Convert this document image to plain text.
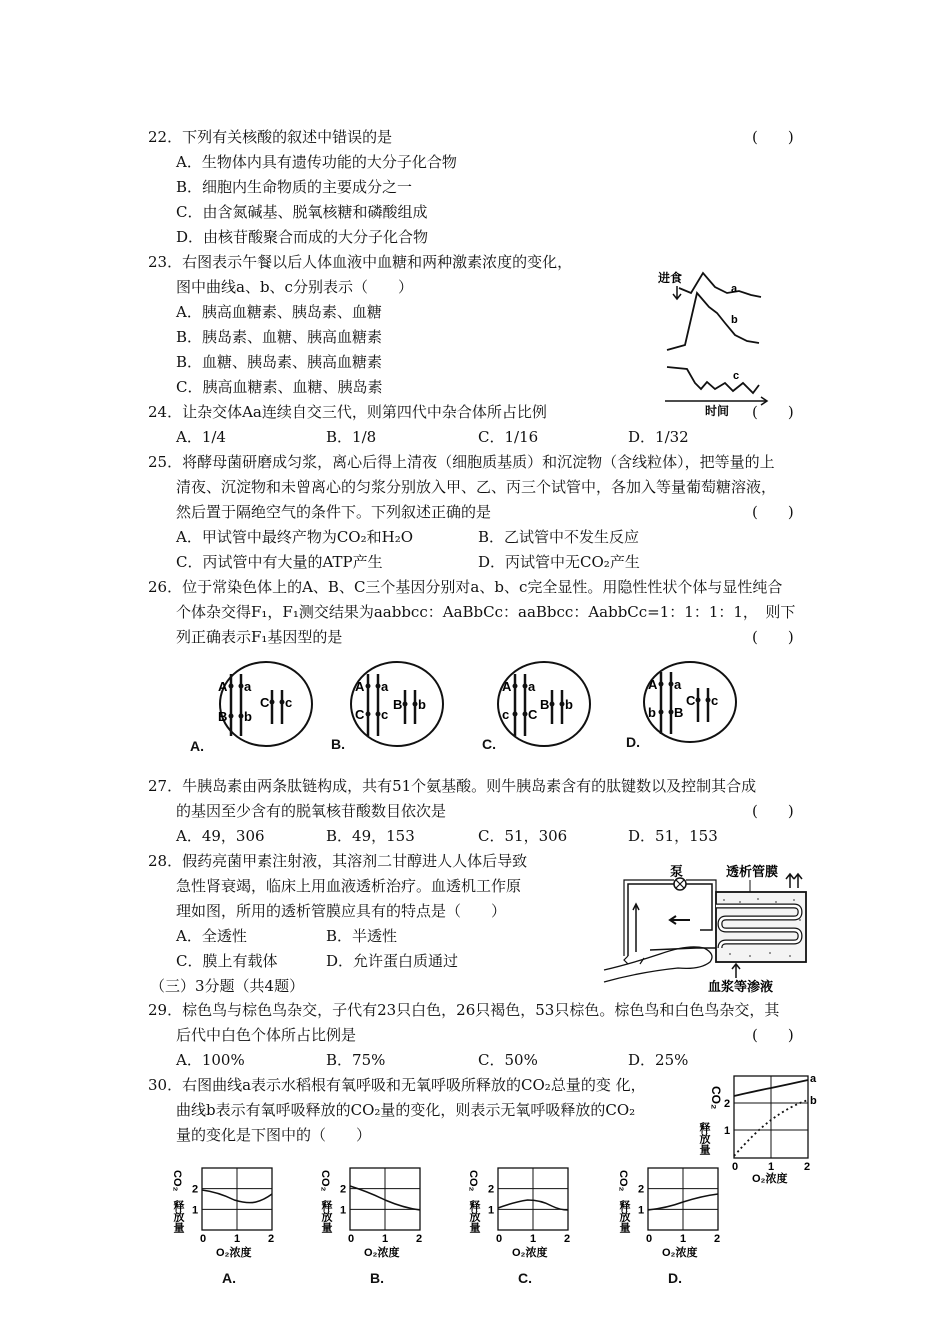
22．下列有关核酸的叙述中错误的是	(　　)
A．生物体内具有遗传功能的大分子化合物
B．细胞内生命物质的主要成分之一
C．由含氮碱基、脱氧核糖和磷酸组成
D．由核苷酸聚合而成的大分子化合物
23．右图表示午餐以后人体血液中血糖和两种激素浓度的变化，
图中曲线a、b、c分别表示（　　）
A．胰高血糖素、胰岛素、血糖
B．胰岛素、血糖、胰高血糖素
B．血糖、胰岛素、胰高血糖素
C．胰高血糖素、血糖、胰岛素
进食
a
b
c
时间
24．让杂交体Aa连续自交三代，则第四代中杂合体所占比例	(　　)
A．1/4	B．1/8	C．1/16	D．1/32
25．将酵母菌研磨成匀浆，离心后得上清夜（细胞质基质）和沉淀物（含线粒体），把等量的上
清夜、沉淀物和未曾离心的匀浆分别放入甲、乙、丙三个试管中，各加入等量葡萄糖溶液，
然后置于隔绝空气的条件下。下列叙述正确的是	(　　)
A．甲试管中最终产物为CO₂和H₂O	B．乙试管中不发生反应
C．丙试管中有大量的ATP产生	D．丙试管中无CO₂产生
26．位于常染色体上的A、B、C三个基因分别对a、b、c完全显性。用隐性性状个体与显性纯合
个体杂交得F₁，F₁测交结果为aabbcc：AaBbCc：aaBbcc：AabbCc=1：1：1：1，　则下
列正确表示F₁基因型的是	(　　)
A a
B b
C c
A.
A a
C c
B b
B.
A a
c C
B b
C.
A a
b B
C c
D.
27．牛胰岛素由两条肽链构成，共有51个氨基酸。则牛胰岛素含有的肽键数以及控制其合成
的基因至少含有的脱氧核苷酸数目依次是	(　　)
A．49，306	B．49，153	C．51，306	D．51，153
28．假药亮菌甲素注射液，其溶剂二甘醇进人人体后导致
急性肾衰竭，临床上用血液透析治疗。血透机工作原
理如图，所用的透析管膜应具有的特点是（　　）
A．全透性	B．半透性
C．膜上有载体	D．允许蛋白质通过
泵	透析管膜
血浆等渗液
（三）3分题（共4题）
29．棕色鸟与棕色鸟杂交，子代有23只白色，26只褐色，53只棕色。棕色鸟和白色鸟杂交，其
后代中白色个体所占比例是	(　　)
A．100%	B．75%	C．50%	D．25%
30．右图曲线a表示水稻根有氧呼吸和无氧呼吸所释放的CO₂总量的变 化，
曲线b表示有氧呼吸释放的CO₂量的变化，则表示无氧呼吸释放的CO₂
量的变化是下图中的（　　）
CO₂
释放量
2
1
0	1	2
O₂浓度
a
b
CO₂
释放量
2
1
0	1	2
O₂浓度
A.
CO₂
释放量
2
1
0	1	2
O₂浓度
B.
CO₂
释放量
2
1
0	1	2
O₂浓度
C.
CO₂
释放量
2
1
0	1	2
O₂浓度
D.
